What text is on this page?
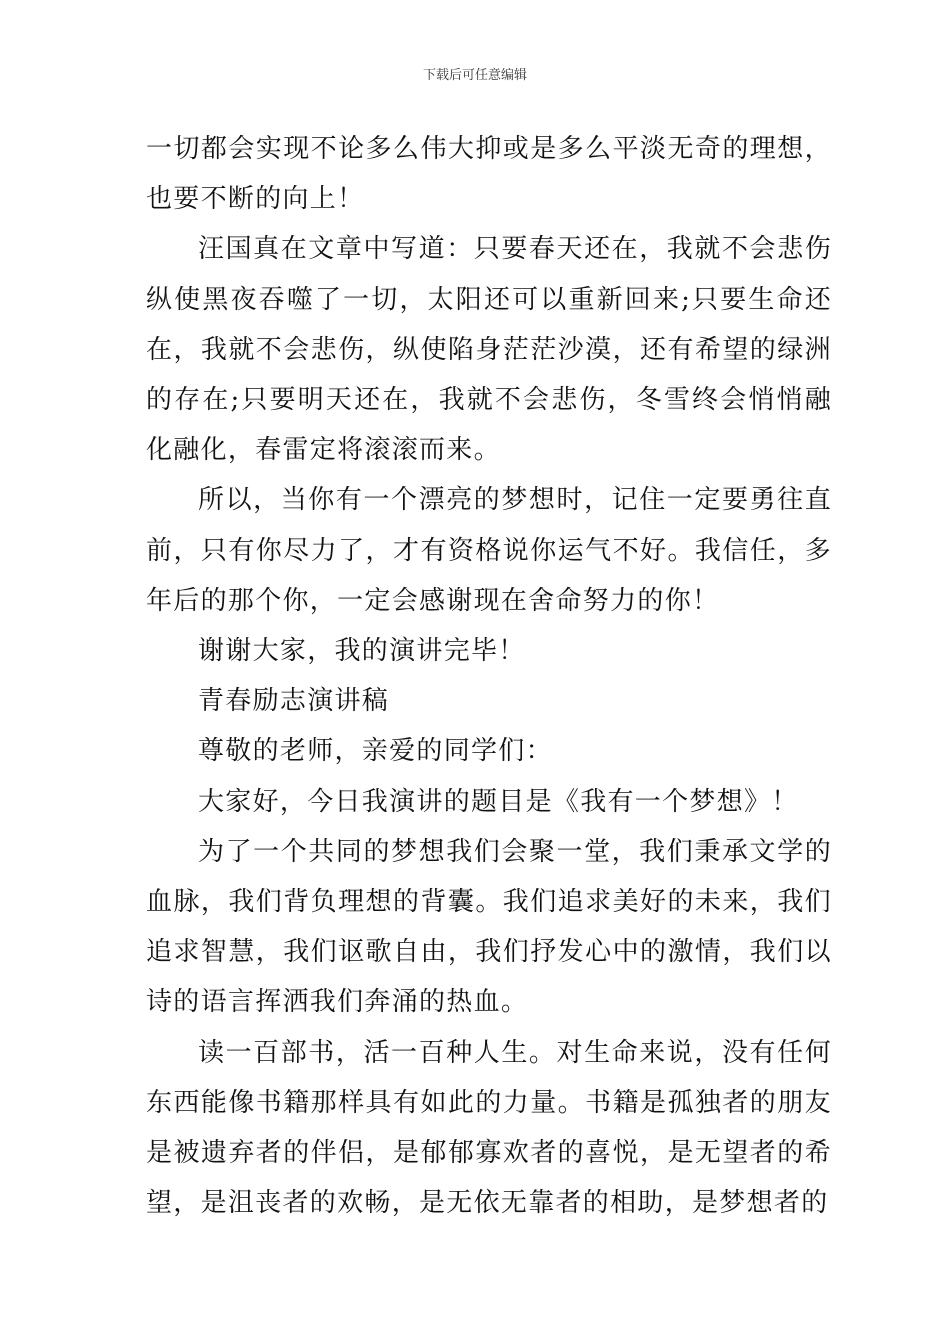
下载后可任意编辑

一切都会实现不论多么伟大抑或是多么平淡无奇的理想，也要不断的向上！

汪国真在文章中写道：只要春天还在，我就不会悲伤纵使黑夜吞噬了一切，太阳还可以重新回来;只要生命还在，我就不会悲伤，纵使陷身茫茫沙漠，还有希望的绿洲的存在;只要明天还在，我就不会悲伤，冬雪终会悄悄融化融化，春雷定将滚滚而来。

所以，当你有一个漂亮的梦想时，记住一定要勇往直前，只有你尽力了，才有资格说你运气不好。我信任，多年后的那个你，一定会感谢现在舍命努力的你！

谢谢大家，我的演讲完毕！

青春励志演讲稿

尊敬的老师，亲爱的同学们：

大家好，今日我演讲的题目是《我有一个梦想》！

为了一个共同的梦想我们会聚一堂，我们秉承文学的血脉，我们背负理想的背囊。我们追求美好的未来，我们追求智慧，我们讴歌自由，我们抒发心中的激情，我们以诗的语言挥洒我们奔涌的热血。

读一百部书，活一百种人生。对生命来说，没有任何东西能像书籍那样具有如此的力量。书籍是孤独者的朋友是被遗弃者的伴侣，是郁郁寡欢者的喜悦，是无望者的希望，是沮丧者的欢畅，是无依无靠者的相助，是梦想者的
